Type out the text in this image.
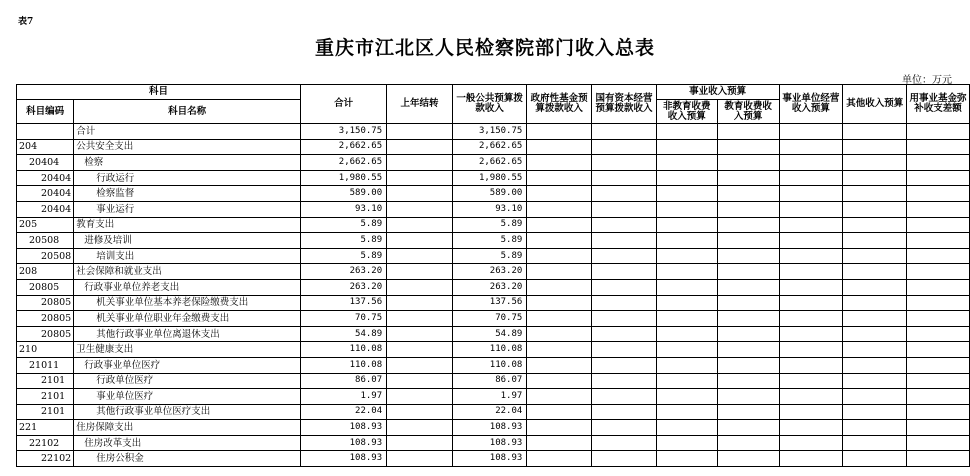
表7
重庆市江北区人民检察院部门收入总表
单位：万元
科目		合计	上年结转	一般公共预算拨款收入	政府性基金预算拨款收入	国有资本经营预算拨款收入	事业收入预算		事业单位经营收入预算	其他收入预算	用事业基金弥补收支差额
科目编码	科目名称						非教育收费收入预算	教育收费收入预算			
	合计	3,150.75		3,150.75							
204	公共安全支出	2,662.65		2,662.65							
20404	检察	2,662.65		2,662.65							
20404	行政运行	1,980.55		1,980.55							
20404	检察监督	589.00		589.00							
20404	事业运行	93.10		93.10							
205	教育支出	5.89		5.89							
20508	进修及培训	5.89		5.89							
20508	培训支出	5.89		5.89							
208	社会保障和就业支出	263.20		263.20							
20805	行政事业单位养老支出	263.20		263.20							
20805	机关事业单位基本养老保险缴费支出	137.56		137.56							
20805	机关事业单位职业年金缴费支出	70.75		70.75							
20805	其他行政事业单位离退休支出	54.89		54.89							
210	卫生健康支出	110.08		110.08							
21011	行政事业单位医疗	110.08		110.08							
2101	行政单位医疗	86.07		86.07							
2101	事业单位医疗	1.97		1.97							
2101	其他行政事业单位医疗支出	22.04		22.04							
221	住房保障支出	108.93		108.93							
22102	住房改革支出	108.93		108.93							
22102	住房公积金	108.93		108.93							
